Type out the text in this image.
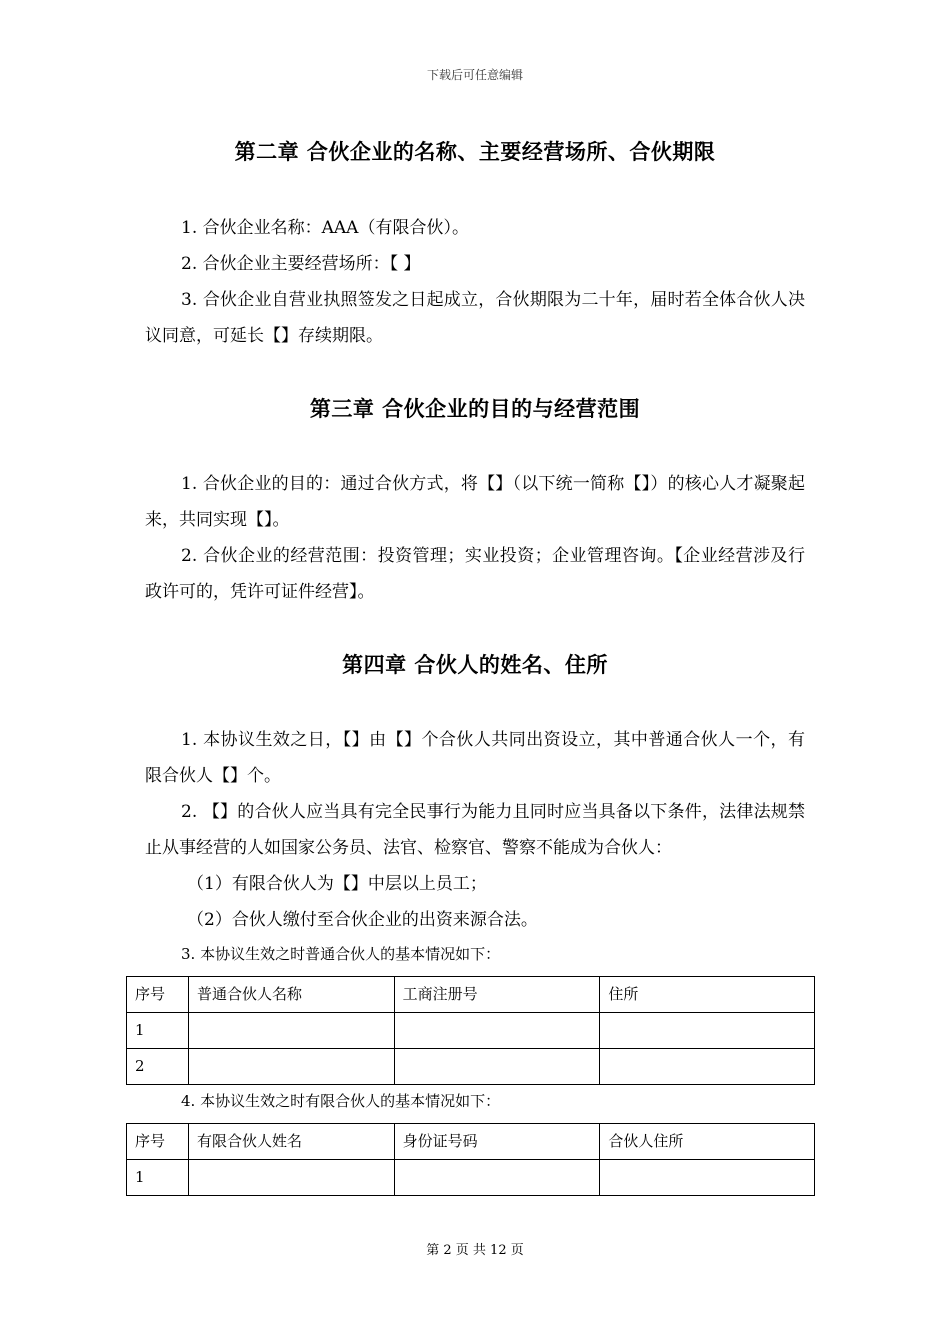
下载后可任意编辑
第二章 合伙企业的名称、主要经营场所、合伙期限

1. 合伙企业名称：AAA（有限合伙）。

2. 合伙企业主要经营场所：【 】

3. 合伙企业自营业执照签发之日起成立，合伙期限为二十年，届时若全体合伙人决议同意，可延长【】存续期限。

第三章 合伙企业的目的与经营范围

1. 合伙企业的目的：通过合伙方式，将【】（以下统一简称【】）的核心人才凝聚起来，共同实现【】。

2. 合伙企业的经营范围：投资管理；实业投资；企业管理咨询。【企业经营涉及行政许可的，凭许可证件经营】。

第四章 合伙人的姓名、住所

1. 本协议生效之日，【】由【】个合伙人共同出资设立，其中普通合伙人一个，有限合伙人【】个。

2. 【】的合伙人应当具有完全民事行为能力且同时应当具备以下条件，法律法规禁止从事经营的人如国家公务员、法官、检察官、警察不能成为合伙人：

（1）有限合伙人为【】中层以上员工；

（2）合伙人缴付至合伙企业的出资来源合法。

3. 本协议生效之时普通合伙人的基本情况如下：

4. 本协议生效之时有限合伙人的基本情况如下：

序号	普通合伙人名称	工商注册号	住所
1			
2			
序号	有限合伙人姓名	身份证号码	合伙人住所
1			
第 2 页 共 12 页
